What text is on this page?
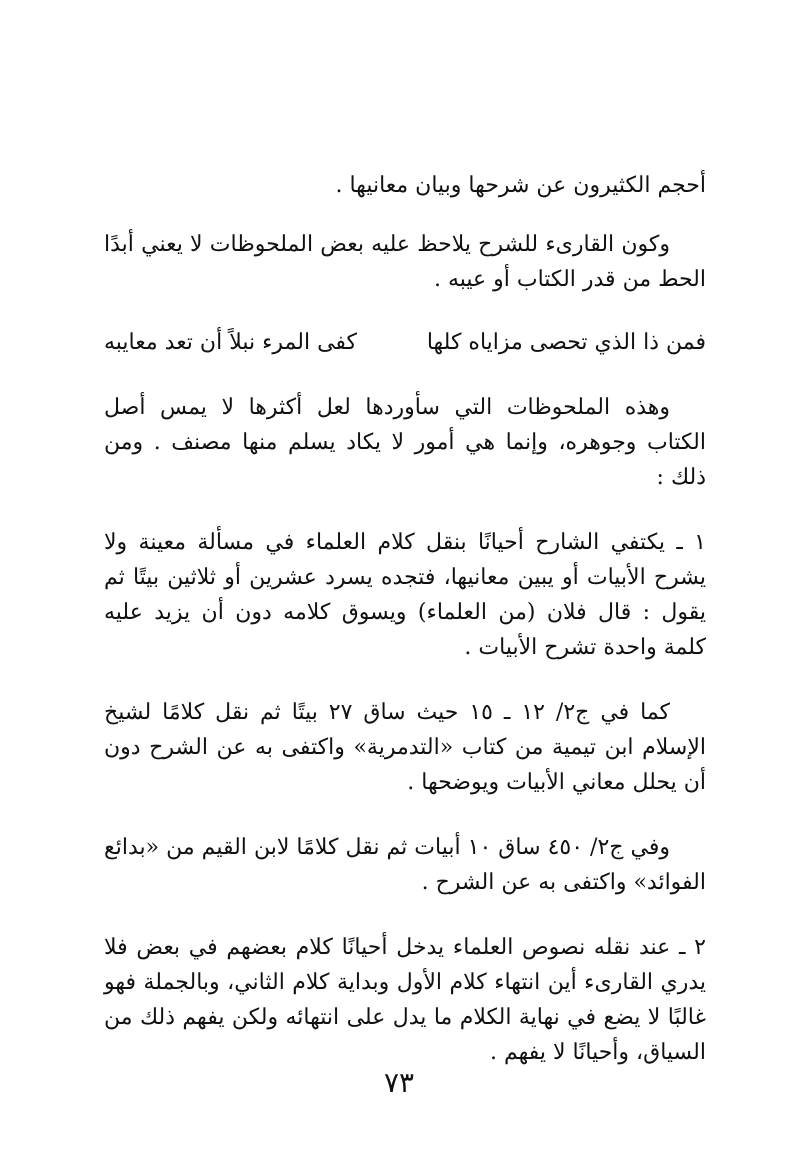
أحجم الكثيرون عن شرحها وبيان معانيها .

وكون القارىء للشرح يلاحظ عليه بعض الملحوظات لا يعني أبدًا الحط من قدر الكتاب أو عيبه .

فمن ذا الذي تحصى مزاياه كلها
كفى المرء نبلاً أن تعد معايبه

وهذه الملحوظات التي سأوردها لعل أكثرها لا يمس أصل الكتاب وجوهره، وإنما هي أمور لا يكاد يسلم منها مصنف . ومن ذلك :

١ ـ يكتفي الشارح أحيانًا بنقل كلام العلماء في مسألة معينة ولا يشرح الأبيات أو يبين معانيها، فتجده يسرد عشرين أو ثلاثين بيتًا ثم يقول : قال فلان (من العلماء) ويسوق كلامه دون أن يزيد عليه كلمة واحدة تشرح الأبيات .

كما في ج٢/ ١٢ ـ ١٥ حيث ساق ٢٧ بيتًا ثم نقل كلامًا لشيخ الإسلام ابن تيمية من كتاب «التدمرية» واكتفى به عن الشرح دون أن يحلل معاني الأبيات ويوضحها .

وفي ج٢/ ٤٥٠ ساق ١٠ أبيات ثم نقل كلامًا لابن القيم من «بدائع الفوائد» واكتفى به عن الشرح .

٢ ـ عند نقله نصوص العلماء يدخل أحيانًا كلام بعضهم في بعض فلا يدري القارىء أين انتهاء كلام الأول وبداية كلام الثاني، وبالجملة فهو غالبًا لا يضع في نهاية الكلام ما يدل على انتهائه ولكن يفهم ذلك من السياق، وأحيانًا لا يفهم .

٧٣
